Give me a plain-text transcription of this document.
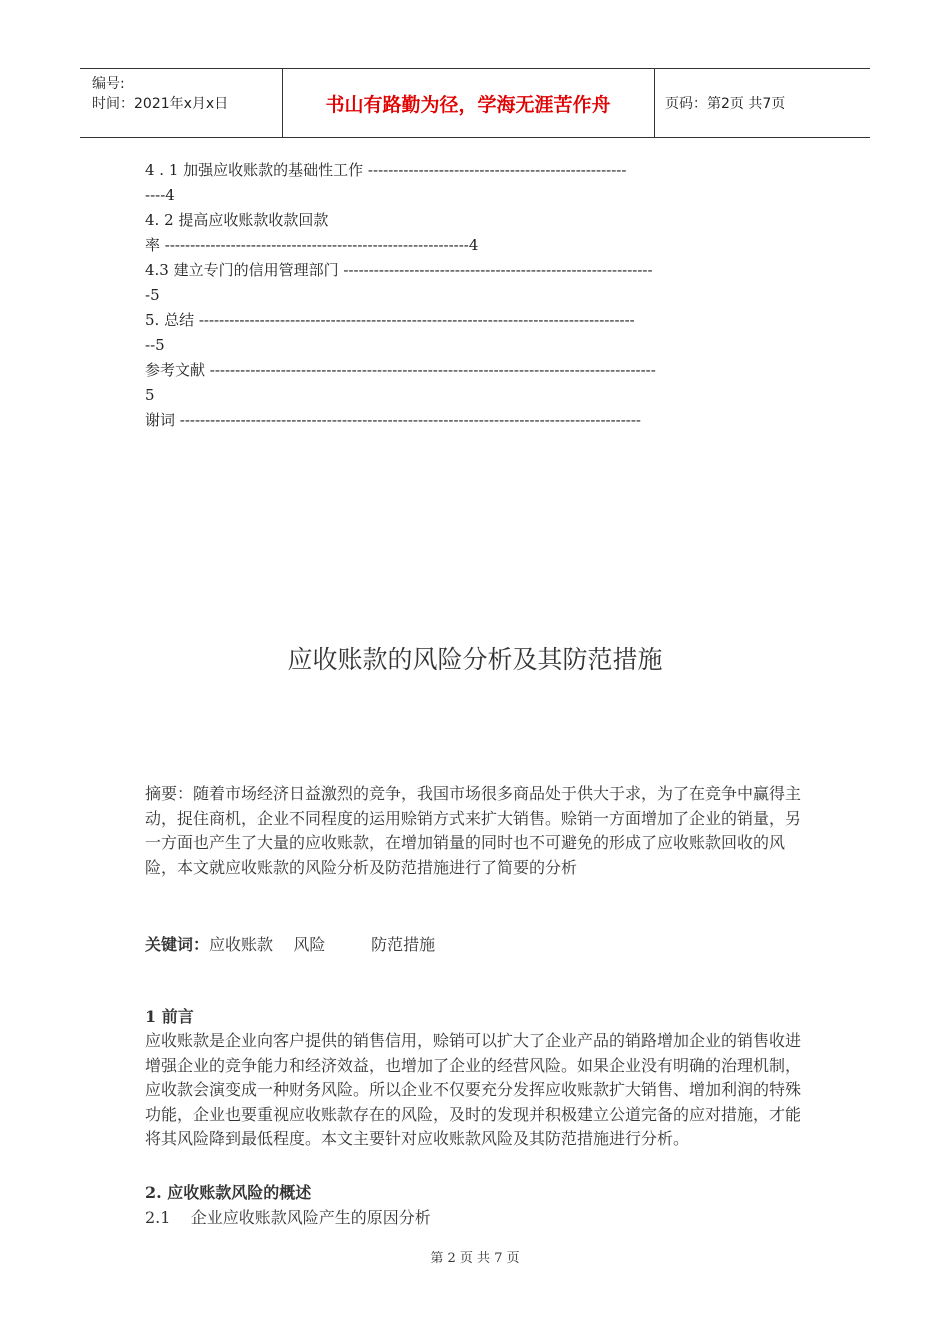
编号:
时间：2021年x月x日	书山有路勤为径，学海无涯苦作舟	页码：第2页 共7页
4 . 1 加强应收账款的基础性工作 ---------------------------------------------------
----4
4. 2 提高应收账款收款回款
率 ------------------------------------------------------------4
4.3 建立专门的信用管理部门 -------------------------------------------------------------
-5
5. 总结 --------------------------------------------------------------------------------------
--5
参考文献 ----------------------------------------------------------------------------------------
5
谢词 -------------------------------------------------------------------------------------------
应收账款的风险分析及其防范措施
摘要：随着市场经济日益激烈的竞争，我国市场很多商品处于供大于求，为了在竞争中赢得主动，捉住商机，企业不同程度的运用赊销方式来扩大销售。赊销一方面增加了企业的销量，另一方面也产生了大量的应收账款，在增加销量的同时也不可避免的形成了应收账款回收的风险，本文就应收账款的风险分析及防范措施进行了简要的分析
关键词：应收账款    风险         防范措施
1 前言
应收账款是企业向客户提供的销售信用，赊销可以扩大了企业产品的销路增加企业的销售收进增强企业的竞争能力和经济效益，也增加了企业的经营风险。如果企业没有明确的治理机制，应收款会演变成一种财务风险。所以企业不仅要充分发挥应收账款扩大销售、增加利润的特殊功能，企业也要重视应收账款存在的风险，及时的发现并积极建立公道完备的应对措施，才能将其风险降到最低程度。本文主要针对应收账款风险及其防范措施进行分析。
2. 应收账款风险的概述
2.1    企业应收账款风险产生的原因分析
第 2 页 共 7 页
